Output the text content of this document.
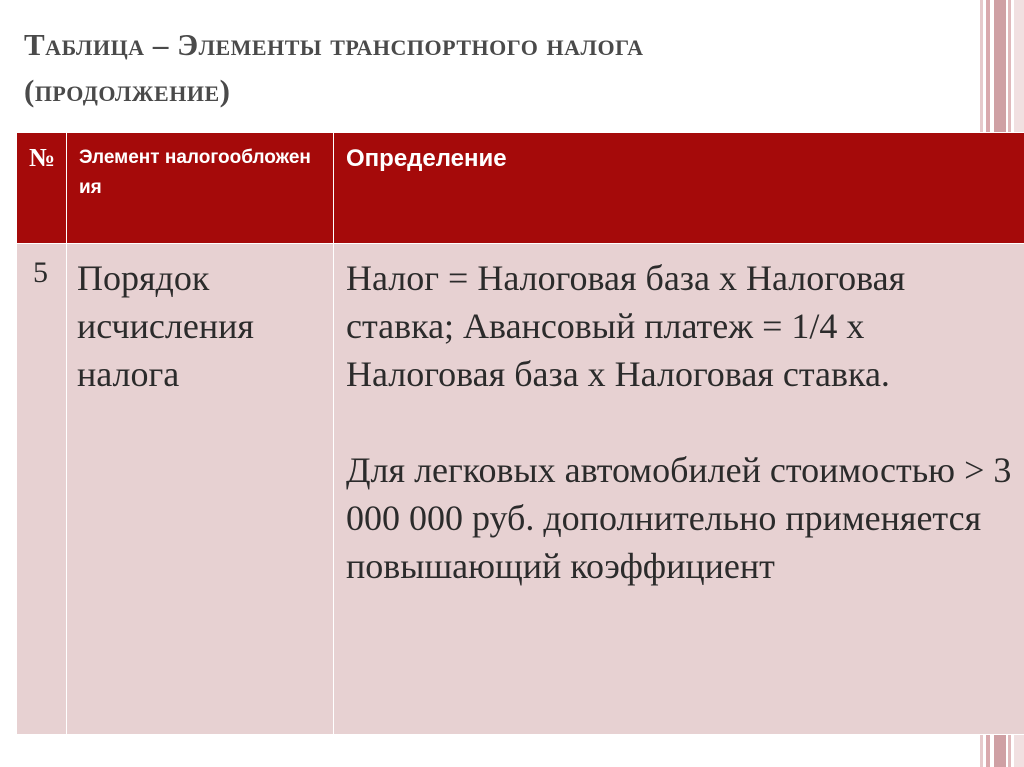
Таблица – Элементы транспортного налога
(продолжение)
№	Элемент налогообложения	Определение

5	Порядок исчисления налога	Налог = Налоговая база х Налоговая ставка; Авансовый платеж = 1/4 х Налоговая база х Налоговая ставка.
Для легковых автомобилей стоимостью > 3 000 000 руб. дополнительно применяется повышающий коэффициент
